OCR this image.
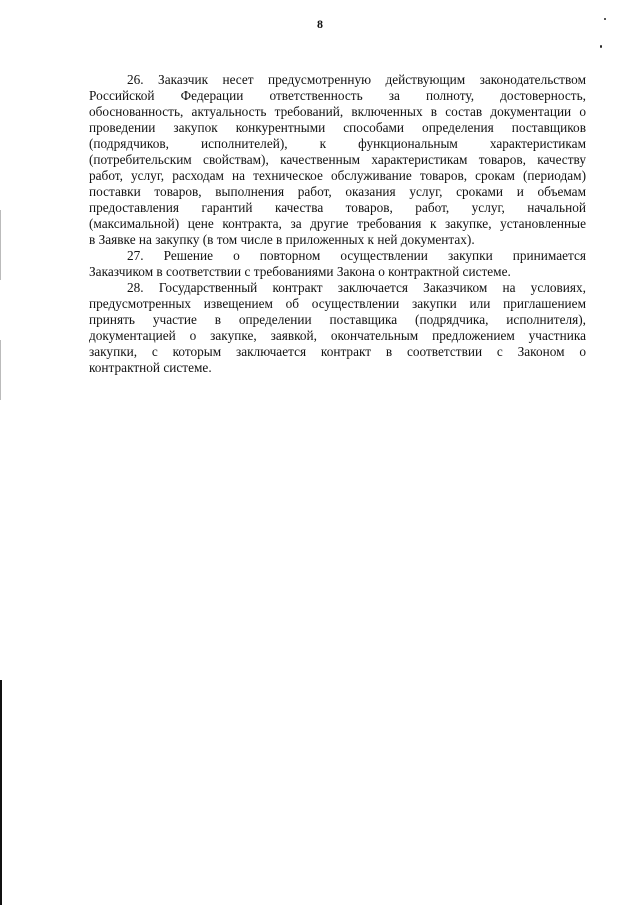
8
26. Заказчик несет предусмотренную действующим законодательством
Российской Федерации ответственность за полноту, достоверность,
обоснованность, актуальность требований, включенных в состав документации о
проведении закупок конкурентными способами определения поставщиков
(подрядчиков, исполнителей), к функциональным характеристикам
(потребительским свойствам), качественным характеристикам товаров, качеству
работ, услуг, расходам на техническое обслуживание товаров, срокам (периодам)
поставки товаров, выполнения работ, оказания услуг, сроками и объемам
предоставления гарантий качества товаров, работ, услуг, начальной
(максимальной) цене контракта, за другие требования к закупке, установленные
в Заявке на закупку (в том числе в приложенных к ней документах).
27. Решение о повторном осуществлении закупки принимается
Заказчиком в соответствии с требованиями Закона о контрактной системе.
28. Государственный контракт заключается Заказчиком на условиях,
предусмотренных извещением об осуществлении закупки или приглашением
принять участие в определении поставщика (подрядчика, исполнителя),
документацией о закупке, заявкой, окончательным предложением участника
закупки, с которым заключается контракт в соответствии с Законом о
контрактной системе.
